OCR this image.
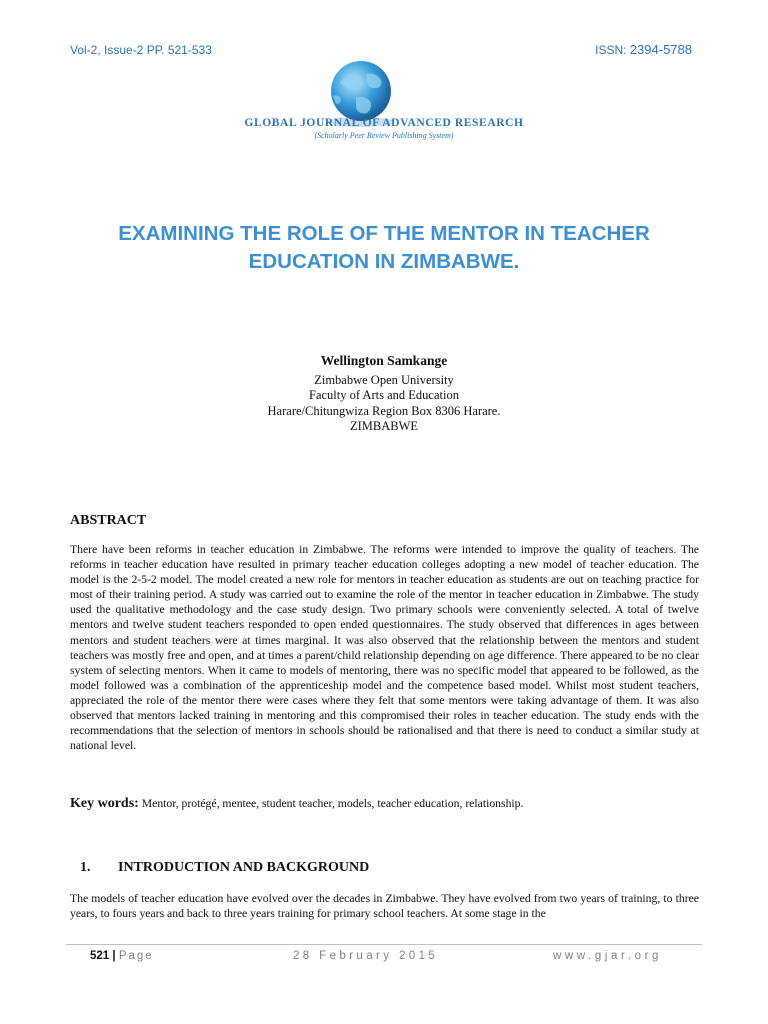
Vol-2, Issue-2 PP. 521-533	ISSN: 2394-5788
GLOBAL JOURNAL OF ADVANCED RESEARCH
(Scholarly Peer Review Publishing System)
EXAMINING THE ROLE OF THE MENTOR IN TEACHER EDUCATION IN ZIMBABWE.
Wellington Samkange
Zimbabwe Open University
Faculty of Arts and Education
Harare/Chitungwiza Region Box 8306 Harare.
ZIMBABWE
ABSTRACT
There have been reforms in teacher education in Zimbabwe. The reforms were intended to improve the quality of teachers. The reforms in teacher education have resulted in primary teacher education colleges adopting a new model of teacher education. The model is the 2-5-2 model. The model created a new role for mentors in teacher education as students are out on teaching practice for most of their training period. A study was carried out to examine the role of the mentor in teacher education in Zimbabwe. The study used the qualitative methodology and the case study design. Two primary schools were conveniently selected. A total of twelve mentors and twelve student teachers responded to open ended questionnaires. The study observed that differences in ages between mentors and student teachers were at times marginal. It was also observed that the relationship between the mentors and student teachers was mostly free and open, and at times a parent/child relationship depending on age difference. There appeared to be no clear system of selecting mentors. When it came to models of mentoring, there was no specific model that appeared to be followed, as the model followed was a combination of the apprenticeship model and the competence based model. Whilst most student teachers, appreciated the role of the mentor there were cases where they felt that some mentors were taking advantage of them. It was also observed that mentors lacked training in mentoring and this compromised their roles in teacher education. The study ends with the recommendations that the selection of mentors in schools should be rationalised and that there is need to conduct a similar study at national level.
Key words: Mentor, protégé, mentee, student teacher, models, teacher education, relationship.
1. INTRODUCTION AND BACKGROUND
The models of teacher education have evolved over the decades in Zimbabwe. They have evolved from two years of training, to three years, to fours years and back to three years training for primary school teachers. At some stage in the
521 | Page	28 February 2015	www.gjar.org
